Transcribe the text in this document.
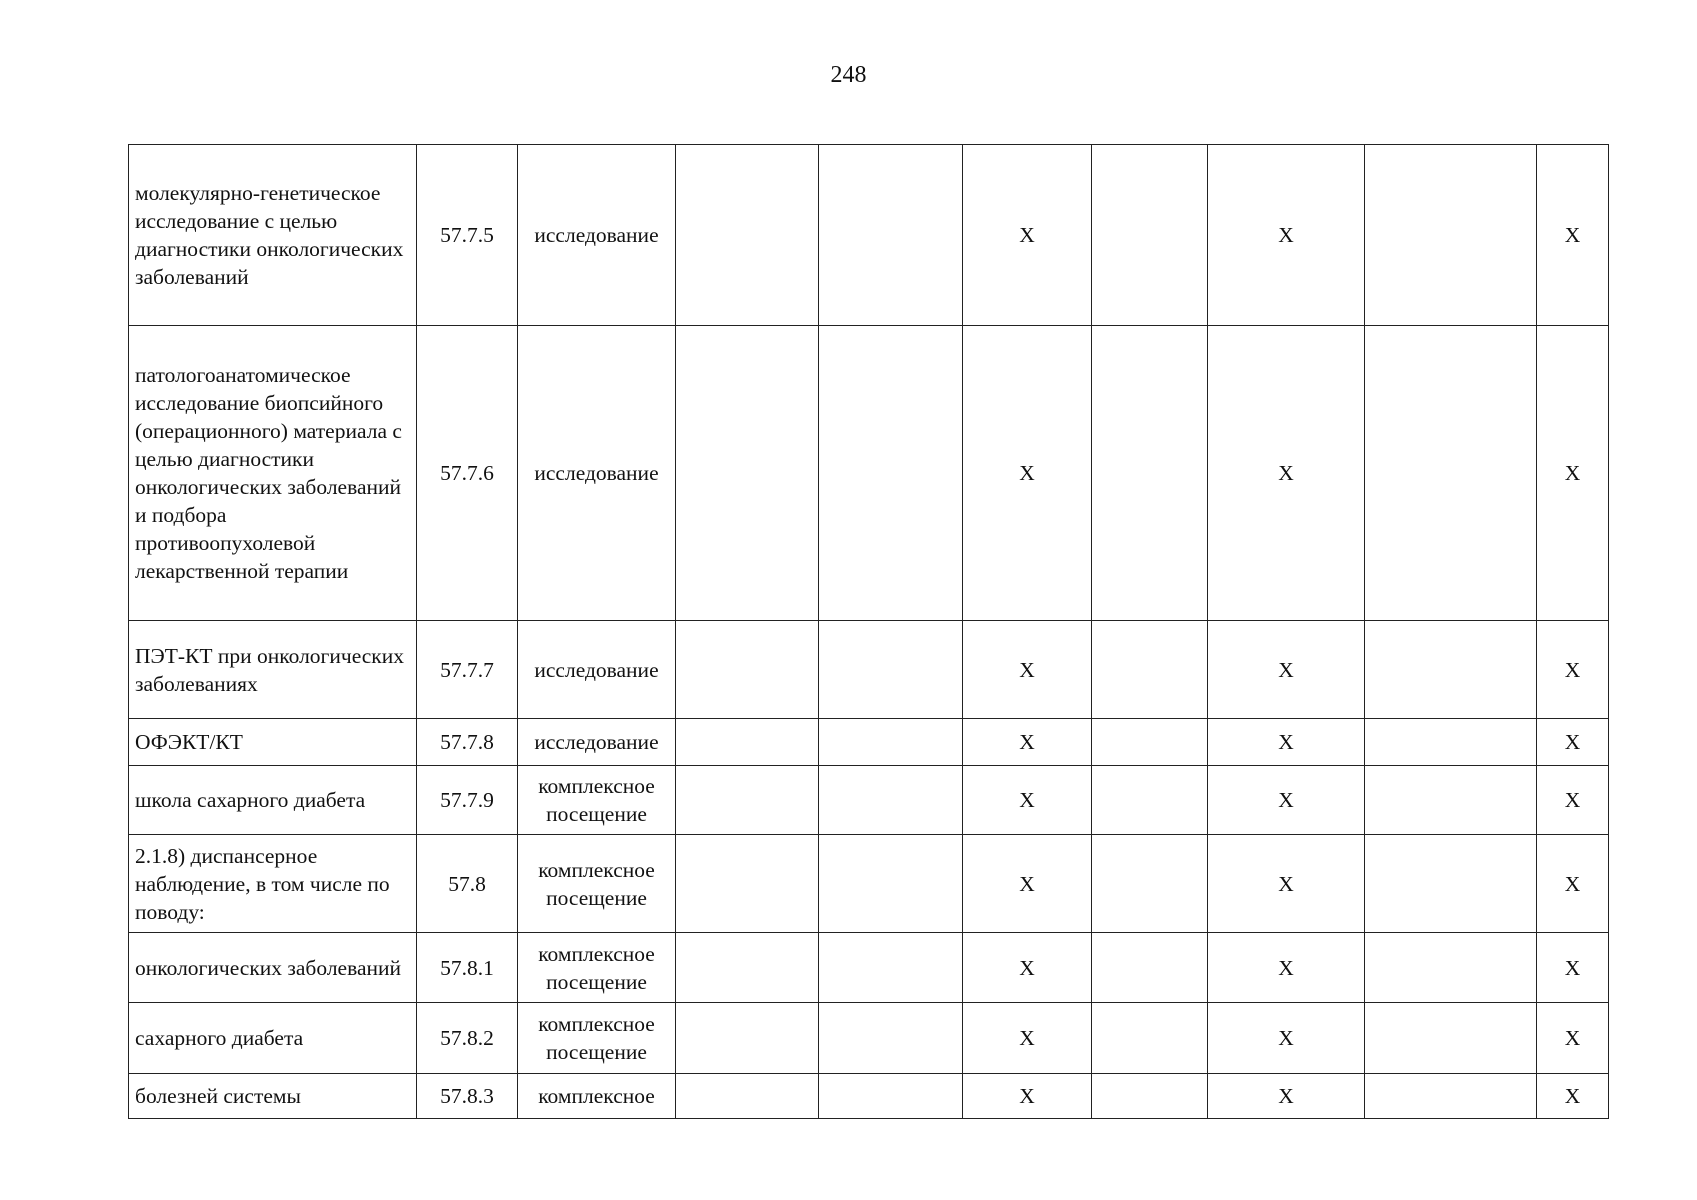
248
молекулярно-генетическое исследование с целью диагностики онкологических заболеваний	57.7.5	исследование			X		X		X
патологоанатомическое исследование биопсийного (операционного) материала с целью диагностики онкологических заболеваний и подбора противоопухолевой лекарственной терапии	57.7.6	исследование			X		X		X
ПЭТ-КТ при онкологических заболеваниях	57.7.7	исследование			X		X		X
ОФЭКТ/КТ	57.7.8	исследование			X		X		X
школа сахарного диабета	57.7.9	комплексное посещение			X		X		X
2.1.8) диспансерное наблюдение, в том числе по поводу:	57.8	комплексное посещение			X		X		X
онкологических заболеваний	57.8.1	комплексное посещение			X		X		X
сахарного диабета	57.8.2	комплексное посещение			X		X		X
болезней системы	57.8.3	комплексное			X		X		X
